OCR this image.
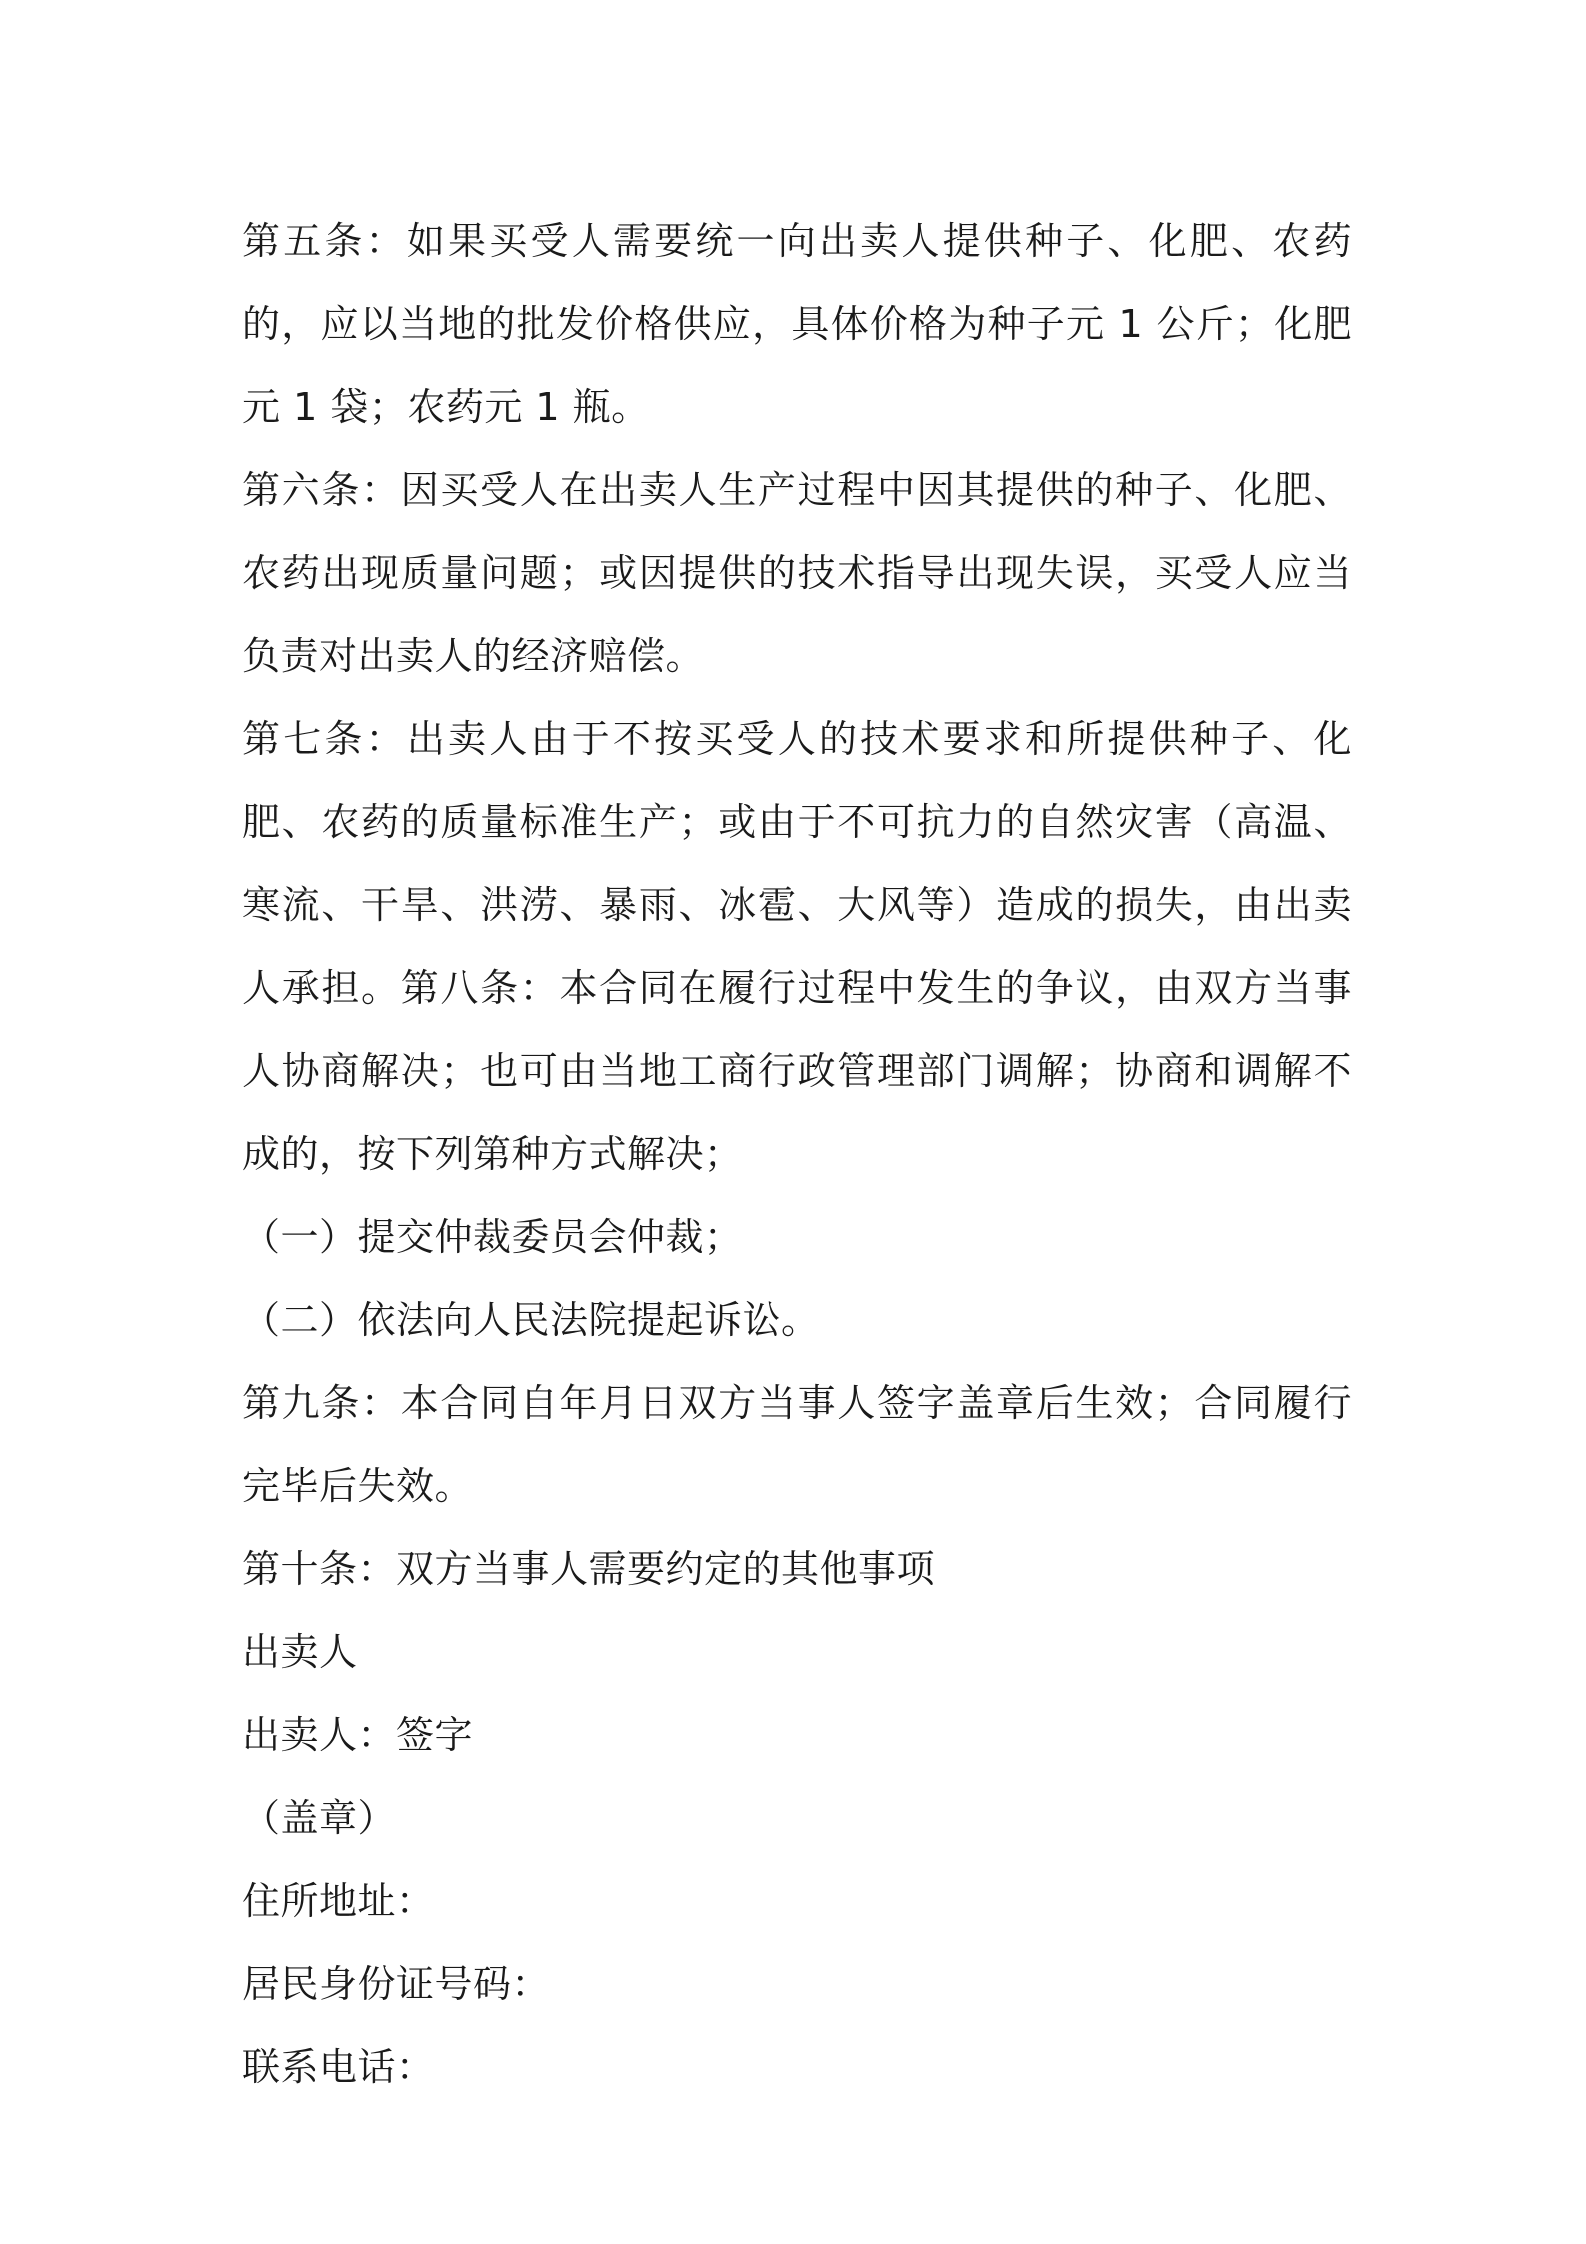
第五条：如果买受人需要统一向出卖人提供种子、化肥、农药的，应以当地的批发价格供应，具体价格为种子元 1 公斤；化肥元 1 袋；农药元 1 瓶。

第六条：因买受人在出卖人生产过程中因其提供的种子、化肥、农药出现质量问题；或因提供的技术指导出现失误，买受人应当负责对出卖人的经济赔偿。

第七条：出卖人由于不按买受人的技术要求和所提供种子、化肥、农药的质量标准生产；或由于不可抗力的自然灾害（高温、寒流、干旱、洪涝、暴雨、冰雹、大风等）造成的损失，由出卖人承担。第八条：本合同在履行过程中发生的争议，由双方当事人协商解决；也可由当地工商行政管理部门调解；协商和调解不成的，按下列第种方式解决；

（一）提交仲裁委员会仲裁；

（二）依法向人民法院提起诉讼。

第九条：本合同自年月日双方当事人签字盖章后生效；合同履行完毕后失效。

第十条：双方当事人需要约定的其他事项

出卖人

出卖人：签字

（盖章）

住所地址：

居民身份证号码：

联系电话：
